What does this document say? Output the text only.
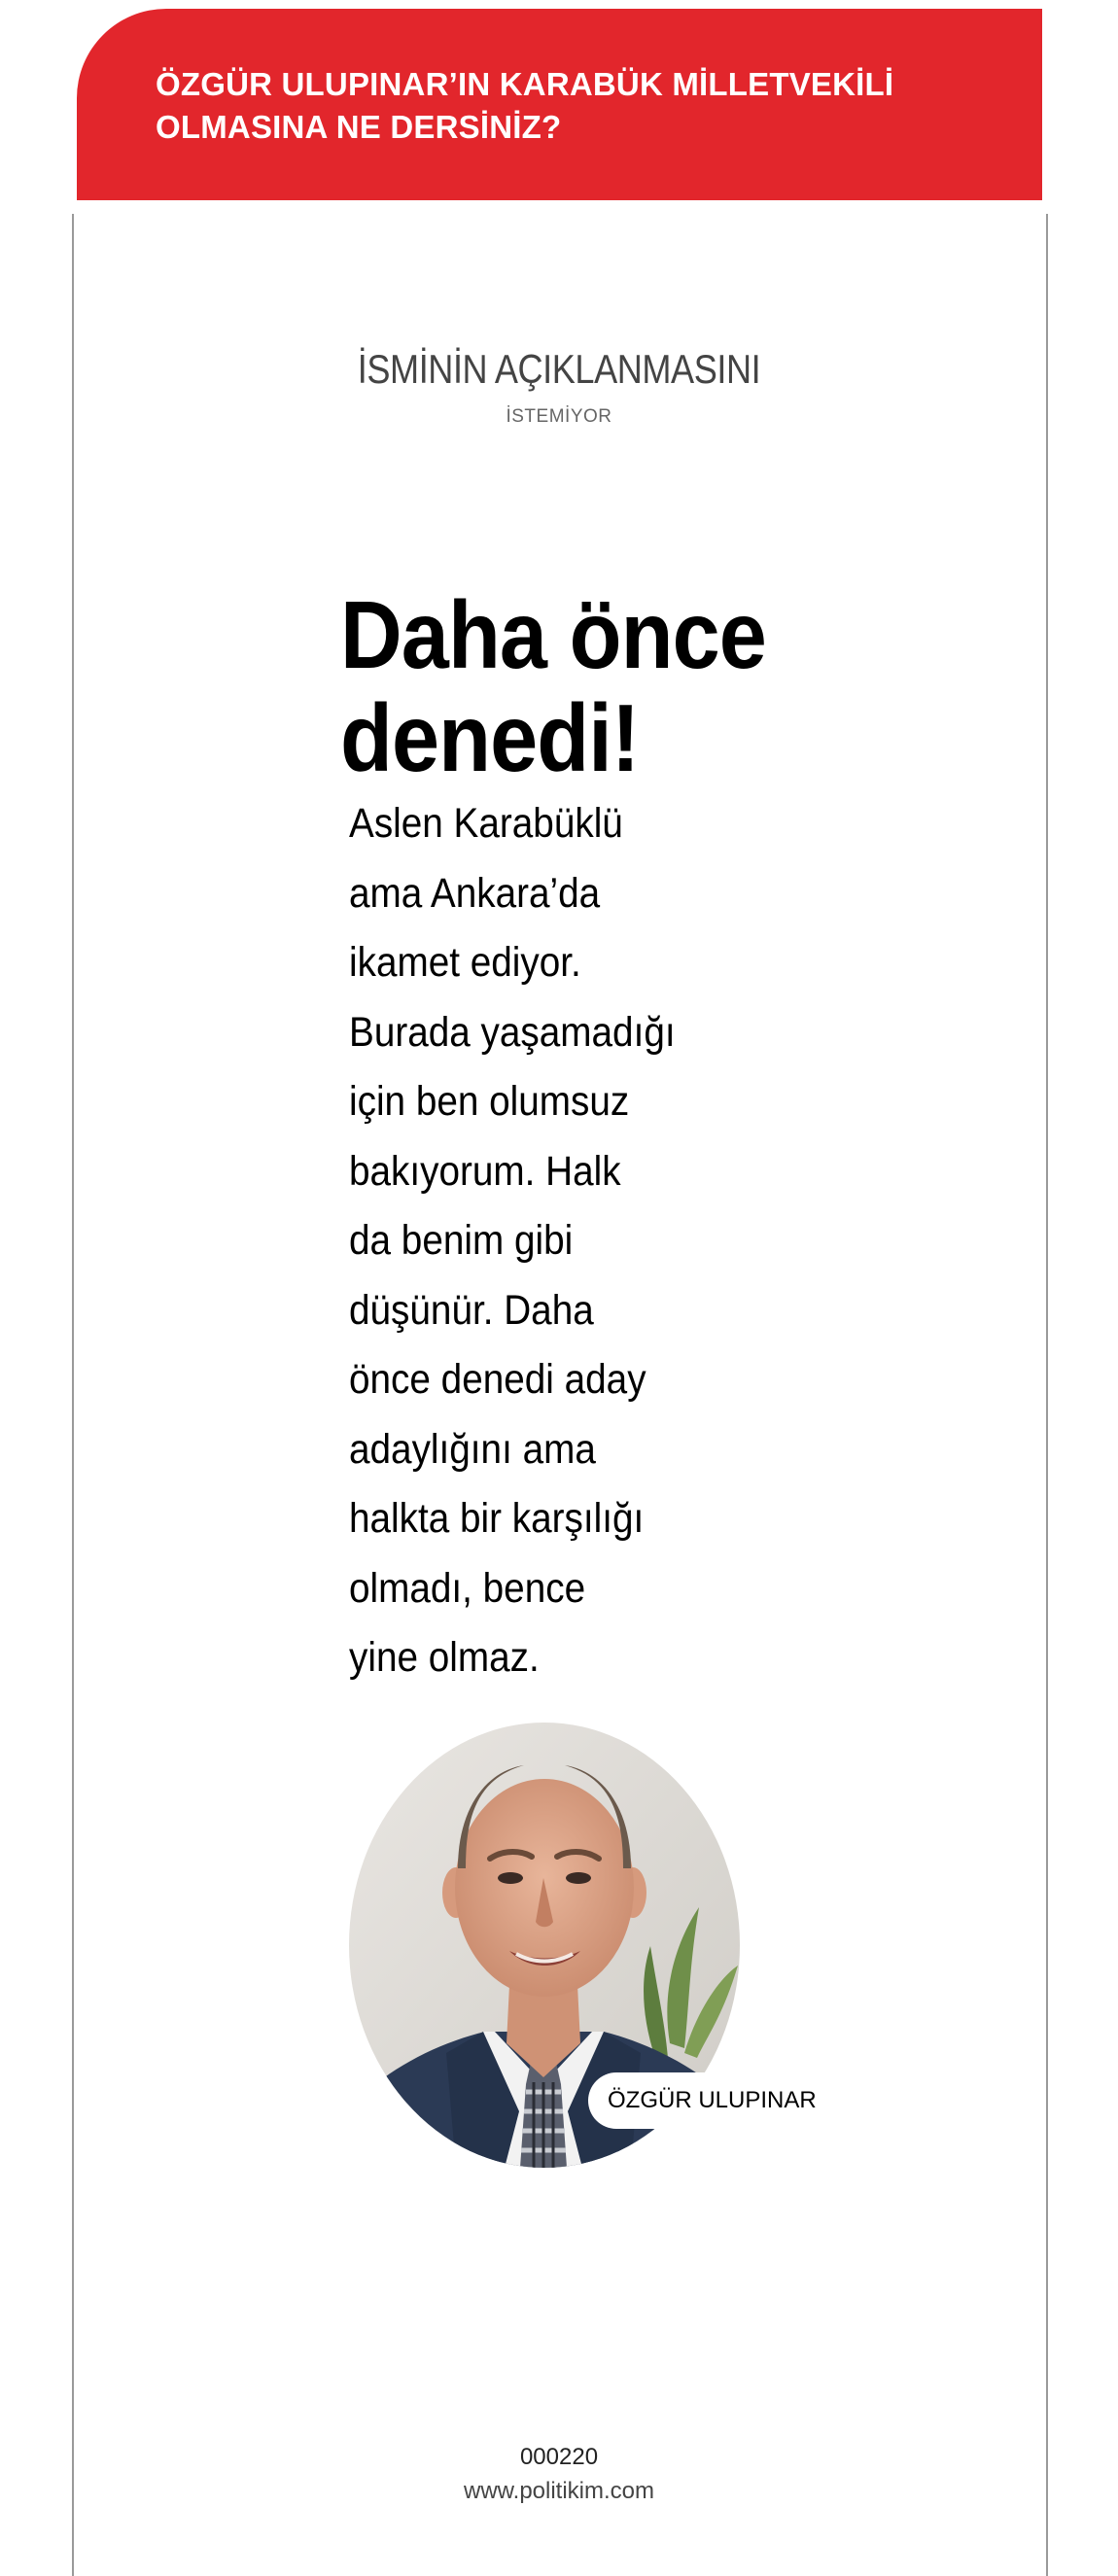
ÖZGÜR ULUPINAR’IN KARABÜK MİLLETVEKİLİ OLMASINA NE DERSİNİZ?
İSMİNİN AÇIKLANMASINI
İSTEMİYOR
Daha önce denedi!
Aslen Karabüklü
ama Ankara’da
ikamet ediyor.
Burada yaşamadığı
için ben olumsuz
bakıyorum. Halk
da benim gibi
düşünür. Daha
önce denedi aday
adaylığını ama
halkta bir karşılığı
olmadı, bence
yine olmaz.
ÖZGÜR ULUPINAR
000220
www.politikim.com
